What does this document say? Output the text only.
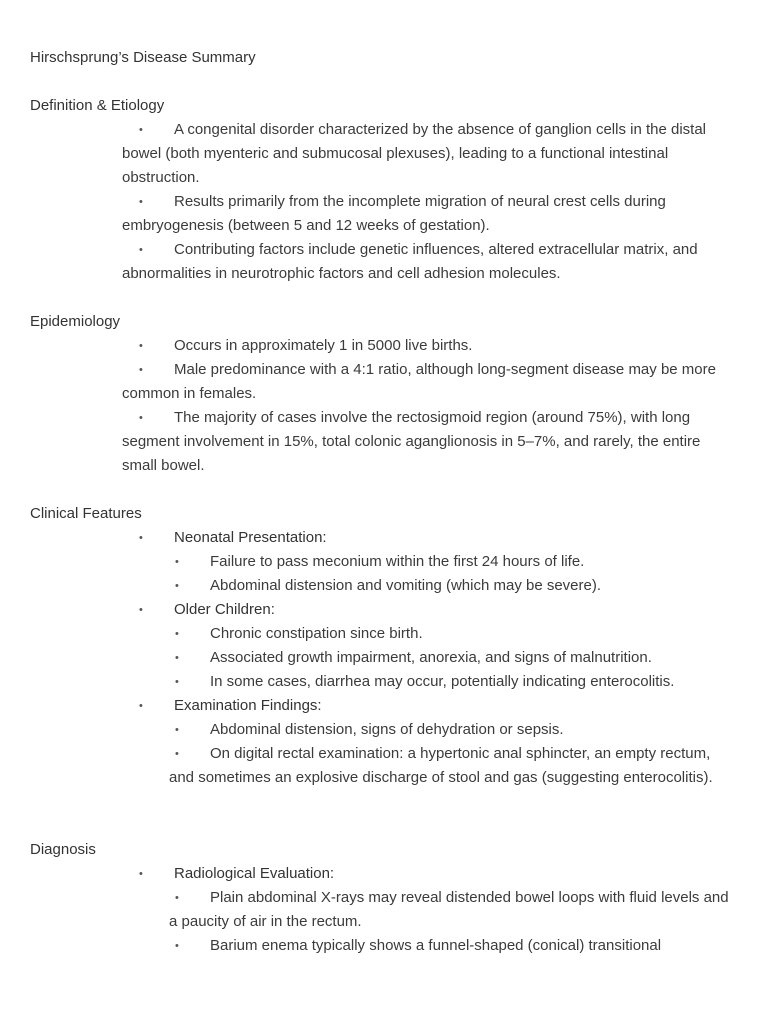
Hirschsprung’s Disease Summary
Definition & Etiology
• A congenital disorder characterized by the absence of ganglion cells in the distal bowel (both myenteric and submucosal plexuses), leading to a functional intestinal obstruction.
• Results primarily from the incomplete migration of neural crest cells during embryogenesis (between 5 and 12 weeks of gestation).
• Contributing factors include genetic influences, altered extracellular matrix, and abnormalities in neurotrophic factors and cell adhesion molecules.
Epidemiology
• Occurs in approximately 1 in 5000 live births.
• Male predominance with a 4:1 ratio, although long-segment disease may be more common in females.
• The majority of cases involve the rectosigmoid region (around 75%), with long segment involvement in 15%, total colonic aganglionosis in 5–7%, and rarely, the entire small bowel.
Clinical Features
• Neonatal Presentation:
• Failure to pass meconium within the first 24 hours of life.
• Abdominal distension and vomiting (which may be severe).
• Older Children:
• Chronic constipation since birth.
• Associated growth impairment, anorexia, and signs of malnutrition.
• In some cases, diarrhea may occur, potentially indicating enterocolitis.
• Examination Findings:
• Abdominal distension, signs of dehydration or sepsis.
• On digital rectal examination: a hypertonic anal sphincter, an empty rectum, and sometimes an explosive discharge of stool and gas (suggesting enterocolitis).
Diagnosis
• Radiological Evaluation:
• Plain abdominal X-rays may reveal distended bowel loops with fluid levels and a paucity of air in the rectum.
• Barium enema typically shows a funnel-shaped (conical) transitional
